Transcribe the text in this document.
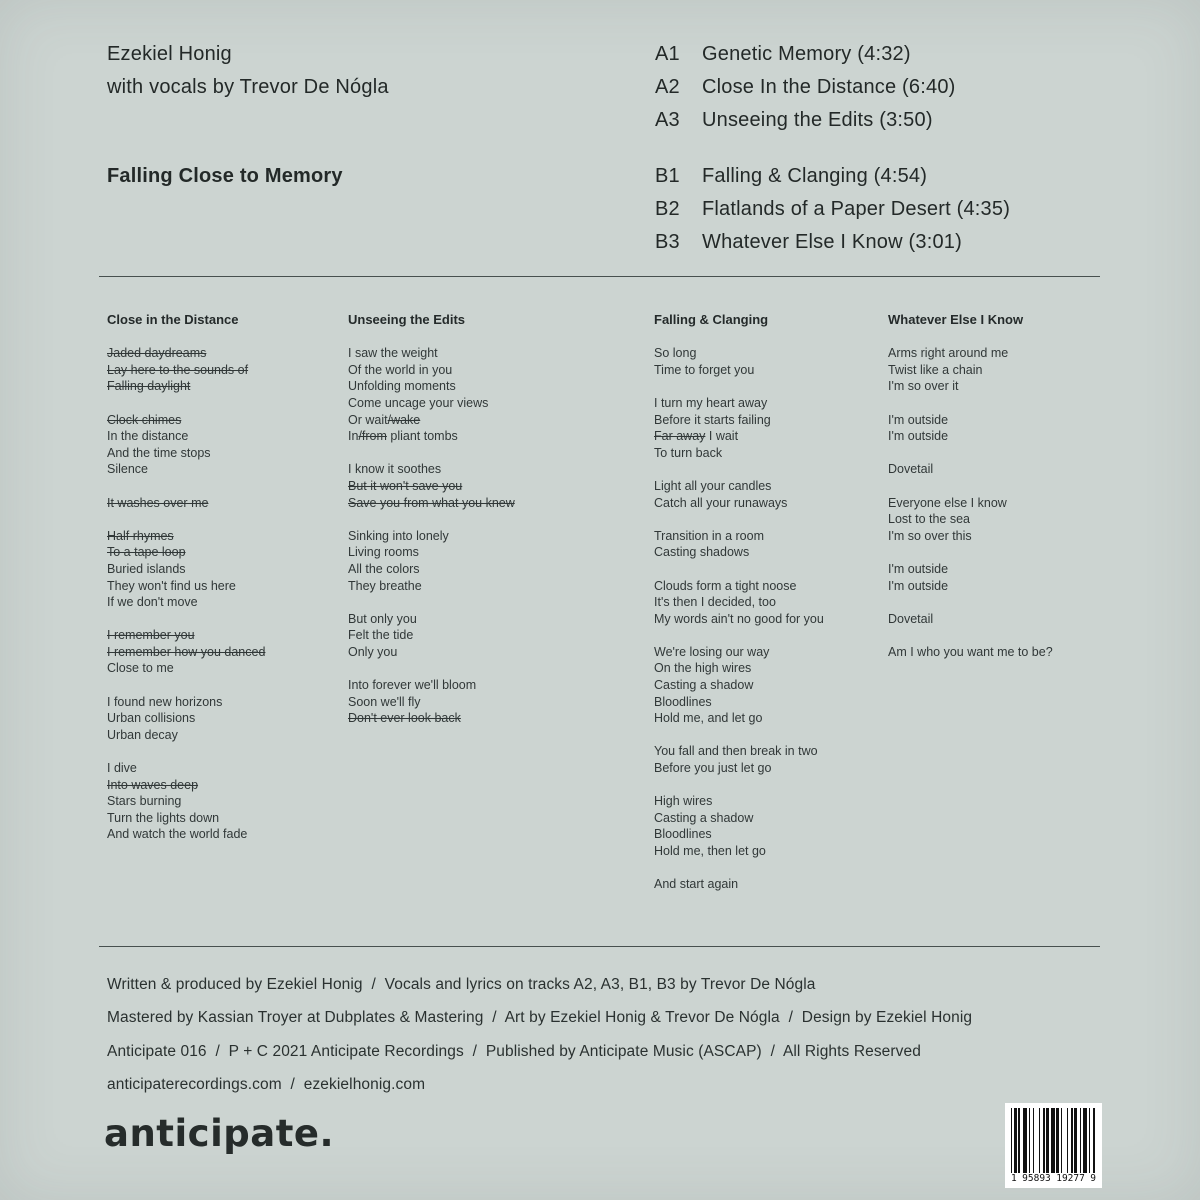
Ezekiel Honig
with vocals by Trevor De Nógla
Falling Close to Memory
A1 Genetic Memory (4:32)
A2 Close In the Distance (6:40)
A3 Unseeing the Edits (3:50)
B1 Falling & Clanging (4:54)
B2 Flatlands of a Paper Desert (4:35)
B3 Whatever Else I Know (3:01)
Close in the Distance
Jaded daydreams
Lay here to the sounds of
Falling daylight
Clock chimes
In the distance
And the time stops
Silence
It washes over me
Half rhymes
To a tape loop
Buried islands
They won't find us here
If we don't move
I remember you
I remember how you danced
Close to me
I found new horizons
Urban collisions
Urban decay
I dive
Into waves deep
Stars burning
Turn the lights down
And watch the world fade
Unseeing the Edits
I saw the weight
Of the world in you
Unfolding moments
Come uncage your views
Or wait/wake
In/from pliant tombs
I know it soothes
But it won't save you
Save you from what you knew
Sinking into lonely
Living rooms
All the colors
They breathe
But only you
Felt the tide
Only you
Into forever we'll bloom
Soon we'll fly
Don't ever look back
Falling & Clanging
So long
Time to forget you
I turn my heart away
Before it starts failing
Far away I wait
To turn back
Light all your candles
Catch all your runaways
Transition in a room
Casting shadows
Clouds form a tight noose
It's then I decided, too
My words ain't no good for you
We're losing our way
On the high wires
Casting a shadow
Bloodlines
Hold me, and let go
You fall and then break in two
Before you just let go
High wires
Casting a shadow
Bloodlines
Hold me, then let go
And start again
Whatever Else I Know
Arms right around me
Twist like a chain
I'm so over it
I'm outside
I'm outside
Dovetail
Everyone else I know
Lost to the sea
I'm so over this
I'm outside
I'm outside
Dovetail
Am I who you want me to be?
Written & produced by Ezekiel Honig  /  Vocals and lyrics on tracks A2, A3, B1, B3 by Trevor De Nógla
Mastered by Kassian Troyer at Dubplates & Mastering  /  Art by Ezekiel Honig & Trevor De Nógla  /  Design by Ezekiel Honig
Anticipate 016  /  P + C 2021 Anticipate Recordings  /  Published by Anticipate Music (ASCAP)  /  All Rights Reserved
anticipaterecordings.com  /  ezekielhonig.com
anticipate.
1 95893 19277 9
